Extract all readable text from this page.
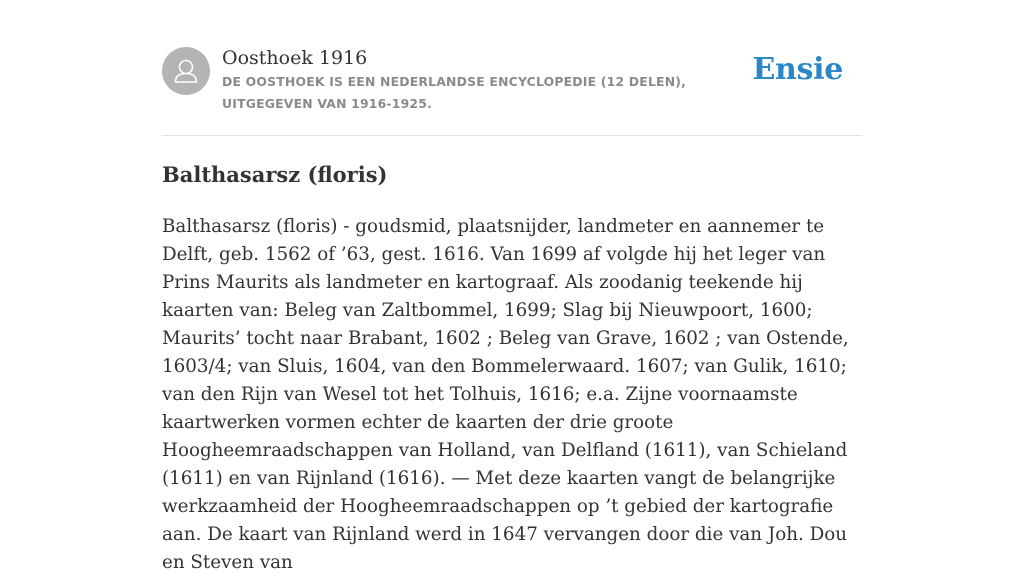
Oosthoek 1916
DE OOSTHOEK IS EEN NEDERLANDSE ENCYCLOPEDIE (12 DELEN), UITGEGEVEN VAN 1916-1925.
Ensie
Balthasarsz (floris)

Balthasarsz (floris) - goudsmid, plaatsnijder, landmeter en aannemer te Delft, geb. 1562 of ’63, gest. 1616. Van 1699 af volgde hij het leger van Prins Maurits als landmeter en kartograaf. Als zoodanig teekende hij kaarten van: Beleg van Zaltbommel, 1699; Slag bij Nieuwpoort, 1600; Maurits’ tocht naar Brabant, 1602 ; Beleg van Grave, 1602 ; van Ostende, 1603/4; van Sluis, 1604, van den Bommelerwaard. 1607; van Gulik, 1610; van den Rijn van Wesel tot het Tolhuis, 1616; e.a. Zijne voornaamste kaartwerken vormen echter de kaarten der drie groote Hoogheemraadschappen van Holland, van Delfland (1611), van Schieland (1611) en van Rijnland (1616). — Met deze kaarten vangt de belangrijke werkzaamheid der Hoogheemraadschappen op ’t gebied der kartografie aan. De kaart van Rijnland werd in 1647 vervangen door die van Joh. Dou en Steven van
